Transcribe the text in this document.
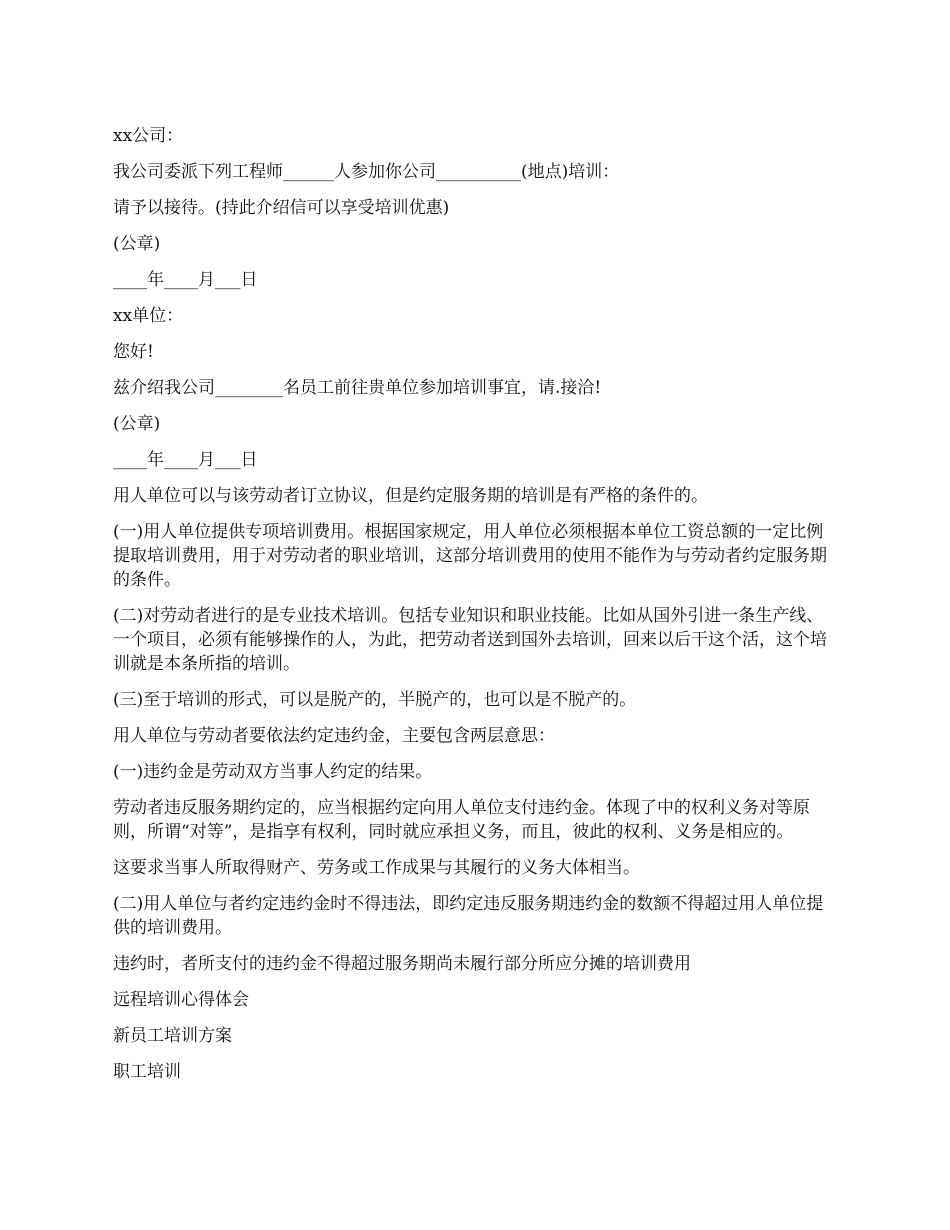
xx公司：

我公司委派下列工程师______人参加你公司__________(地点)培训：

请予以接待。(持此介绍信可以享受培训优惠)

(公章)

____年____月___日

xx单位：

您好!

兹介绍我公司________名员工前往贵单位参加培训事宜，请.接洽!

(公章)

____年____月___日

用人单位可以与该劳动者订立协议，但是约定服务期的培训是有严格的条件的。

(一)用人单位提供专项培训费用。根据国家规定，用人单位必须根据本单位工资总额的一定比例提取培训费用，用于对劳动者的职业培训，这部分培训费用的使用不能作为与劳动者约定服务期的条件。

(二)对劳动者进行的是专业技术培训。包括专业知识和职业技能。比如从国外引进一条生产线、一个项目，必须有能够操作的人，为此，把劳动者送到国外去培训，回来以后干这个活，这个培训就是本条所指的培训。

(三)至于培训的形式，可以是脱产的，半脱产的，也可以是不脱产的。

用人单位与劳动者要依法约定违约金，主要包含两层意思：

(一)违约金是劳动双方当事人约定的结果。

劳动者违反服务期约定的，应当根据约定向用人单位支付违约金。体现了中的权利义务对等原则，所谓“对等”，是指享有权利，同时就应承担义务，而且，彼此的权利、义务是相应的。

这要求当事人所取得财产、劳务或工作成果与其履行的义务大体相当。

(二)用人单位与者约定违约金时不得违法，即约定违反服务期违约金的数额不得超过用人单位提供的培训费用。

违约时，者所支付的违约金不得超过服务期尚未履行部分所应分摊的培训费用

远程培训心得体会

新员工培训方案

职工培训
